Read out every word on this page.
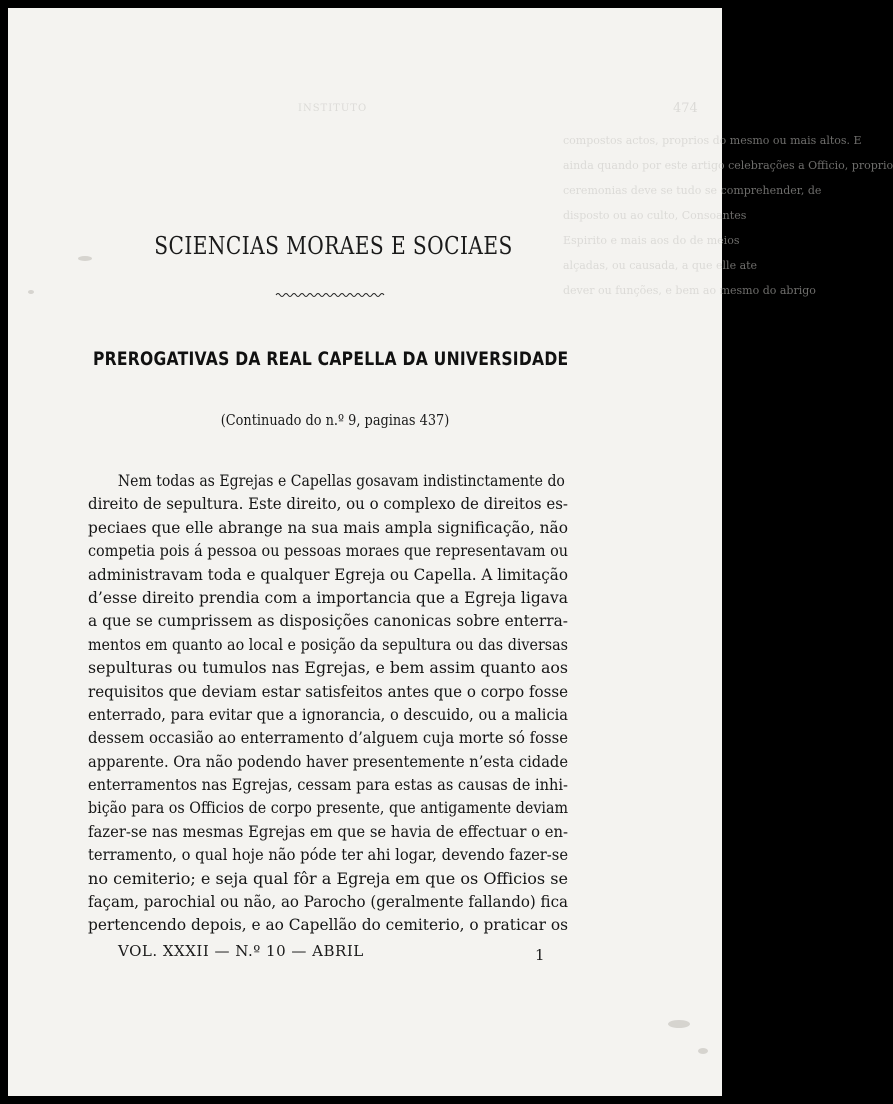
INSTITUTO	474
compostos actos, proprios do mesmo ou mais altos. E
ainda quando por este artigo celebrações a Officio, proprio
ceremonias deve se tudo se comprehender, de
disposto ou ao culto, Consoantes
Espirito e mais aos do de meios
alçadas, ou causada, a que elle ate
dever ou funções, e bem ao mesmo do abrigo
SCIENCIAS MORAES E SOCIAES
PREROGATIVAS DA REAL CAPELLA DA UNIVERSIDADE
(Continuado do n.º 9, paginas 437)
Nem todas as Egrejas e Capellas gosavam indistinctamente do
direito de sepultura. Este direito, ou o complexo de direitos es-
peciaes que elle abrange na sua mais ampla significação, não
competia pois á pessoa ou pessoas moraes que representavam ou
administravam toda e qualquer Egreja ou Capella. A limitação
d’esse direito prendia com a importancia que a Egreja ligava
a que se cumprissem as disposições canonicas sobre enterra-
mentos em quanto ao local e posição da sepultura ou das diversas
sepulturas ou tumulos nas Egrejas, e bem assim quanto aos
requisitos que deviam estar satisfeitos antes que o corpo fosse
enterrado, para evitar que a ignorancia, o descuido, ou a malicia
dessem occasião ao enterramento d’alguem cuja morte só fosse
apparente. Ora não podendo haver presentemente n’esta cidade
enterramentos nas Egrejas, cessam para estas as causas de inhi-
bição para os Officios de corpo presente, que antigamente deviam
fazer-se nas mesmas Egrejas em que se havia de effectuar o en-
terramento, o qual hoje não póde ter ahi logar, devendo fazer-se
no cemiterio; e seja qual fôr a Egreja em que os Officios se
façam, parochial ou não, ao Parocho (geralmente fallando) fica
pertencendo depois, e ao Capellão do cemiterio, o praticar os
VOL. XXXII — N.º 10 — ABRIL	1
